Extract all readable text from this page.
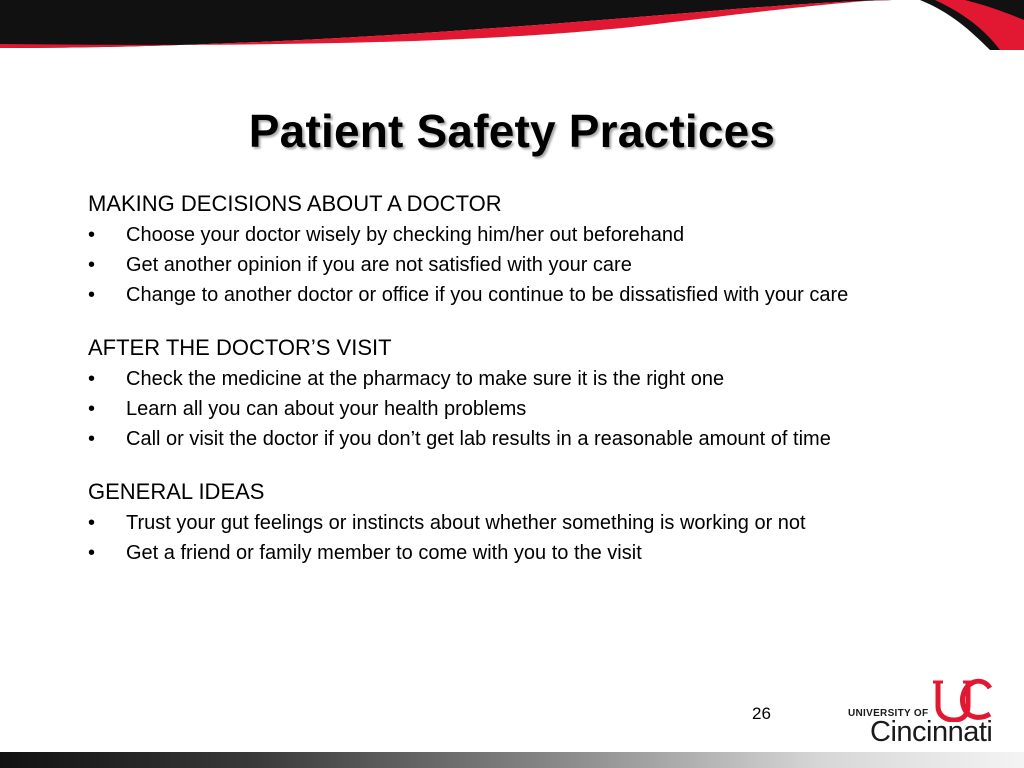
Patient Safety Practices

MAKING DECISIONS ABOUT A DOCTOR

•	Choose your doctor wisely by checking him/her out beforehand
•	Get another opinion if you are not satisfied with your care
•	Change to another doctor or office if you continue to be dissatisfied with your care

AFTER THE DOCTOR’S VISIT

•	Check the medicine at the pharmacy to make sure it is the right one
•	Learn all you can about your health problems
•	Call or visit the doctor if you don’t get lab results in a reasonable amount of time

GENERAL IDEAS

•	Trust your gut feelings or instincts about whether something is working or not
•	Get a friend or family member to come with you to the visit
26	UNIVERSITY OF
Cincinnati
